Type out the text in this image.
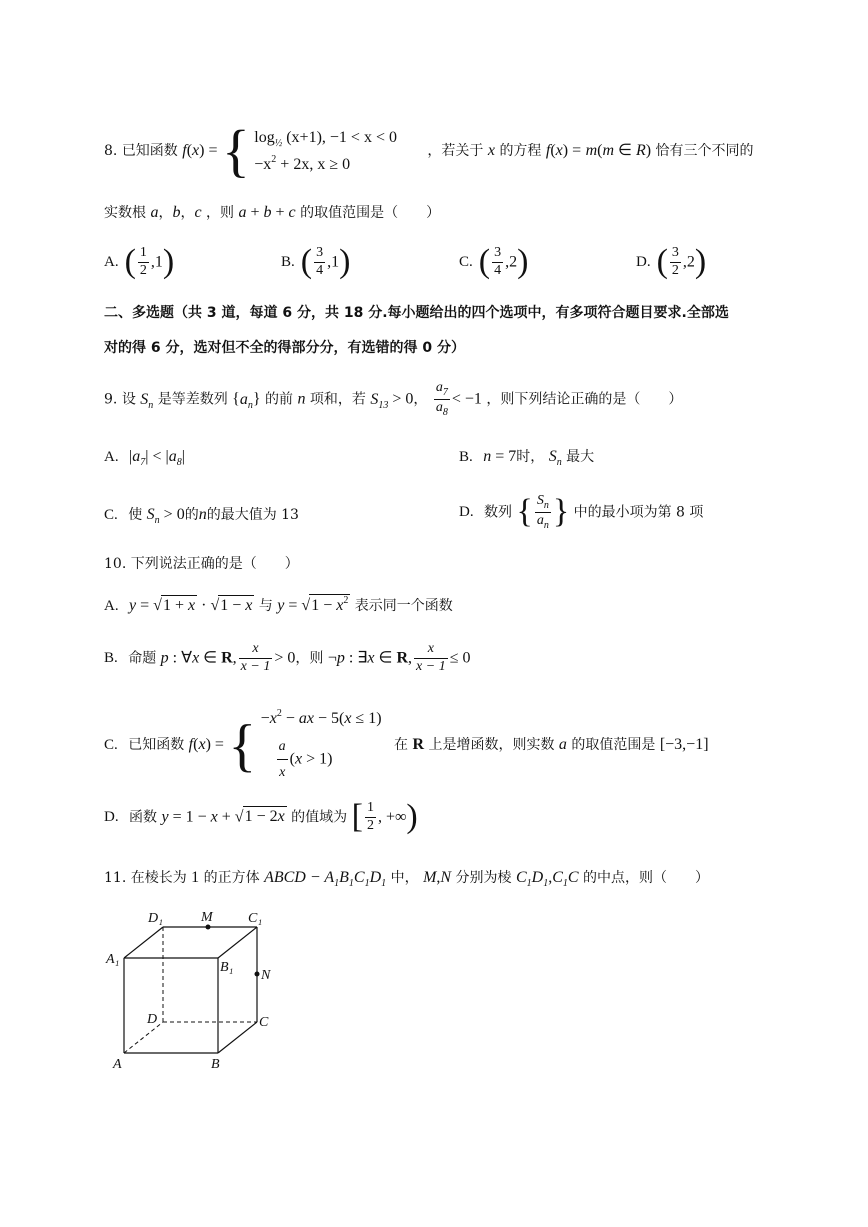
8. 已知函数 f(x) = { $\log_{\frac{1}{2}} (x+1)$, −1 < x < 0
$-x^2 + 2x$, x ≥ 0
，若关于 x 的方程 f(x) = m(m ∈ R) 恰有三个不同的
实数根 a，b，c ，则 a + b + c 的取值范围是（　　）
A. ( $\frac{1}{2} ,1$)	B. ( $\frac{3}{4} ,1$)	C. ( $\frac{3}{4} ,2$)	D. ( $\frac{3}{2} ,2$)
二、多选题（共 3 道，每道 6 分，共 18 分.每小题给出的四个选项中，有多项符合题目要求.全部选
对的得 6 分，选对但不全的得部分分，有选错的得 0 分）
9. 设 $S_n$ 是等差数列 $\{a_n\}$ 的前 n 项和，若 $S_{13} > 0$， $\frac{a_7}{a_8} < -1$ ，则下列结论正确的是（　　）
A. $|a_7| < |a_8|$	B. n = 7时， $S_n$ 最大
C. 使 $S_n > 0$的n的最大值为 13	D. 数列 { $\frac{S_n}{a_n}$ } 中的最小项为第 8 项
10. 下列说法正确的是（　　）
A. y = √1 + x · √1 − x 与 $y = √1 - x^2$ 表示同一个函数
B. 命题 p : ∀x ∈ R, $\frac{x}{x - 1} > 0$，则 ¬p : ∃x ∈ R, $\frac{x}{x - 1} \le 0$
C. 已知函数 f(x) = { $-x^2$ − ax − 5(x ≤ 1)
$\frac{a}{x} (x > 1)$
在 R 上是增函数，则实数 a 的取值范围是 [−3,−1]
D. 函数 y = 1 − x + √1 − 2x 的值域为 [ $\frac{1}{2}$ , +∞)
11. 在棱长为 1 的正方体 ABCD − $A_1B_1C_1D_1$ 中， M,N 分别为棱 $C_1D_1,C_1C$ 的中点，则（　　）
D₁	M	C₁
A₁
B₁
N
D	C
A	B
